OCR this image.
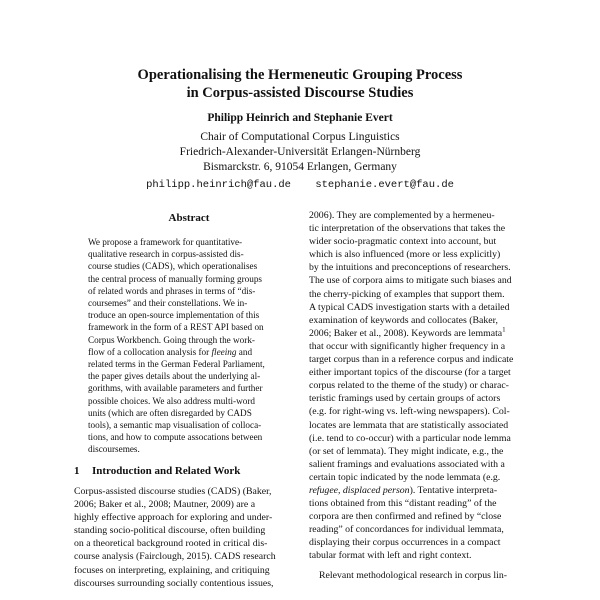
Operationalising the Hermeneutic Grouping Process
in Corpus-assisted Discourse Studies
Philipp Heinrich and Stephanie Evert
Chair of Computational Corpus Linguistics
Friedrich-Alexander-Universität Erlangen-Nürnberg
Bismarckstr. 6, 91054 Erlangen, Germany
philipp.heinrich@fau.de stephanie.evert@fau.de
Abstract
We propose a framework for quantitative-
qualitative research in corpus-assisted dis-
course studies (CADS), which operationalises
the central process of manually forming groups
of related words and phrases in terms of “dis-
coursemes” and their constellations. We in-
troduce an open-source implementation of this
framework in the form of a REST API based on
Corpus Workbench. Going through the work-
flow of a collocation analysis for fleeing and
related terms in the German Federal Parliament,
the paper gives details about the underlying al-
gorithms, with available parameters and further
possible choices. We also address multi-word
units (which are often disregarded by CADS
tools), a semantic map visualisation of colloca-
tions, and how to compute assocations between
discoursemes.
1 Introduction and Related Work
Corpus-assisted discourse studies (CADS) (Baker,
2006; Baker et al., 2008; Mautner, 2009) are a
highly effective approach for exploring and under-
standing socio-political discourse, often building
on a theoretical background rooted in critical dis-
course analysis (Fairclough, 2015). CADS research
focuses on interpreting, explaining, and critiquing
discourses surrounding socially contentious issues,
2006). They are complemented by a hermeneu-
tic interpretation of the observations that takes the
wider socio-pragmatic context into account, but
which is also influenced (more or less explicitly)
by the intuitions and preconceptions of researchers.
The use of corpora aims to mitigate such biases and
the cherry-picking of examples that support them.
A typical CADS investigation starts with a detailed
examination of keywords and collocates (Baker,
2006; Baker et al., 2008). Keywords are lemmata$^1$
that occur with significantly higher frequency in a
target corpus than in a reference corpus and indicate
either important topics of the discourse (for a target
corpus related to the theme of the study) or charac-
teristic framings used by certain groups of actors
(e.g. for right-wing vs. left-wing newspapers). Col-
locates are lemmata that are statistically associated
(i.e. tend to co-occur) with a particular node lemma
(or set of lemmata). They might indicate, e.g., the
salient framings and evaluations associated with a
certain topic indicated by the node lemmata (e.g.
refugee, displaced person). Tentative interpreta-
tions obtained from this “distant reading” of the
corpora are then confirmed and refined by “close
reading” of concordances for individual lemmata,
displaying their corpus occurrences in a compact
tabular format with left and right context.
Relevant methodological research in corpus lin-
